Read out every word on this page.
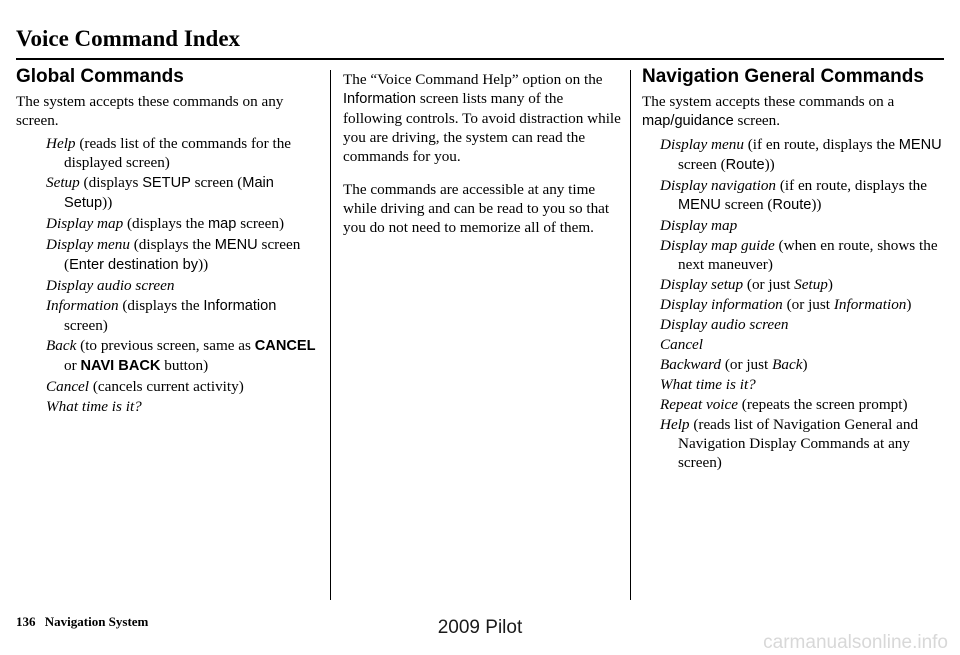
Voice Command Index
Global Commands

The system accepts these commands on any screen.

Help (reads list of the commands for the displayed screen)

Setup (displays SETUP screen (Main Setup))

Display map (displays the map screen)

Display menu (displays the MENU screen (Enter destination by))

Display audio screen

Information (displays the Information screen)

Back (to previous screen, same as CANCEL or NAVI BACK button)

Cancel (cancels current activity)

What time is it?

The “Voice Command Help” option on the Information screen lists many of the following controls. To avoid distraction while you are driving, the system can read the commands for you.

The commands are accessible at any time while driving and can be read to you so that you do not need to memorize all of them.

Navigation General Commands

The system accepts these commands on a map/guidance screen.

Display menu (if en route, displays the MENU screen (Route))

Display navigation (if en route, displays the MENU screen (Route))

Display map

Display map guide (when en route, shows the next maneuver)

Display setup (or just Setup)

Display information (or just Information)

Display audio screen

Cancel

Backward (or just Back)

What time is it?

Repeat voice (repeats the screen prompt)

Help (reads list of Navigation General and Navigation Display Commands at any screen)

136 Navigation System	2009 Pilot
carmanualsonline.info
